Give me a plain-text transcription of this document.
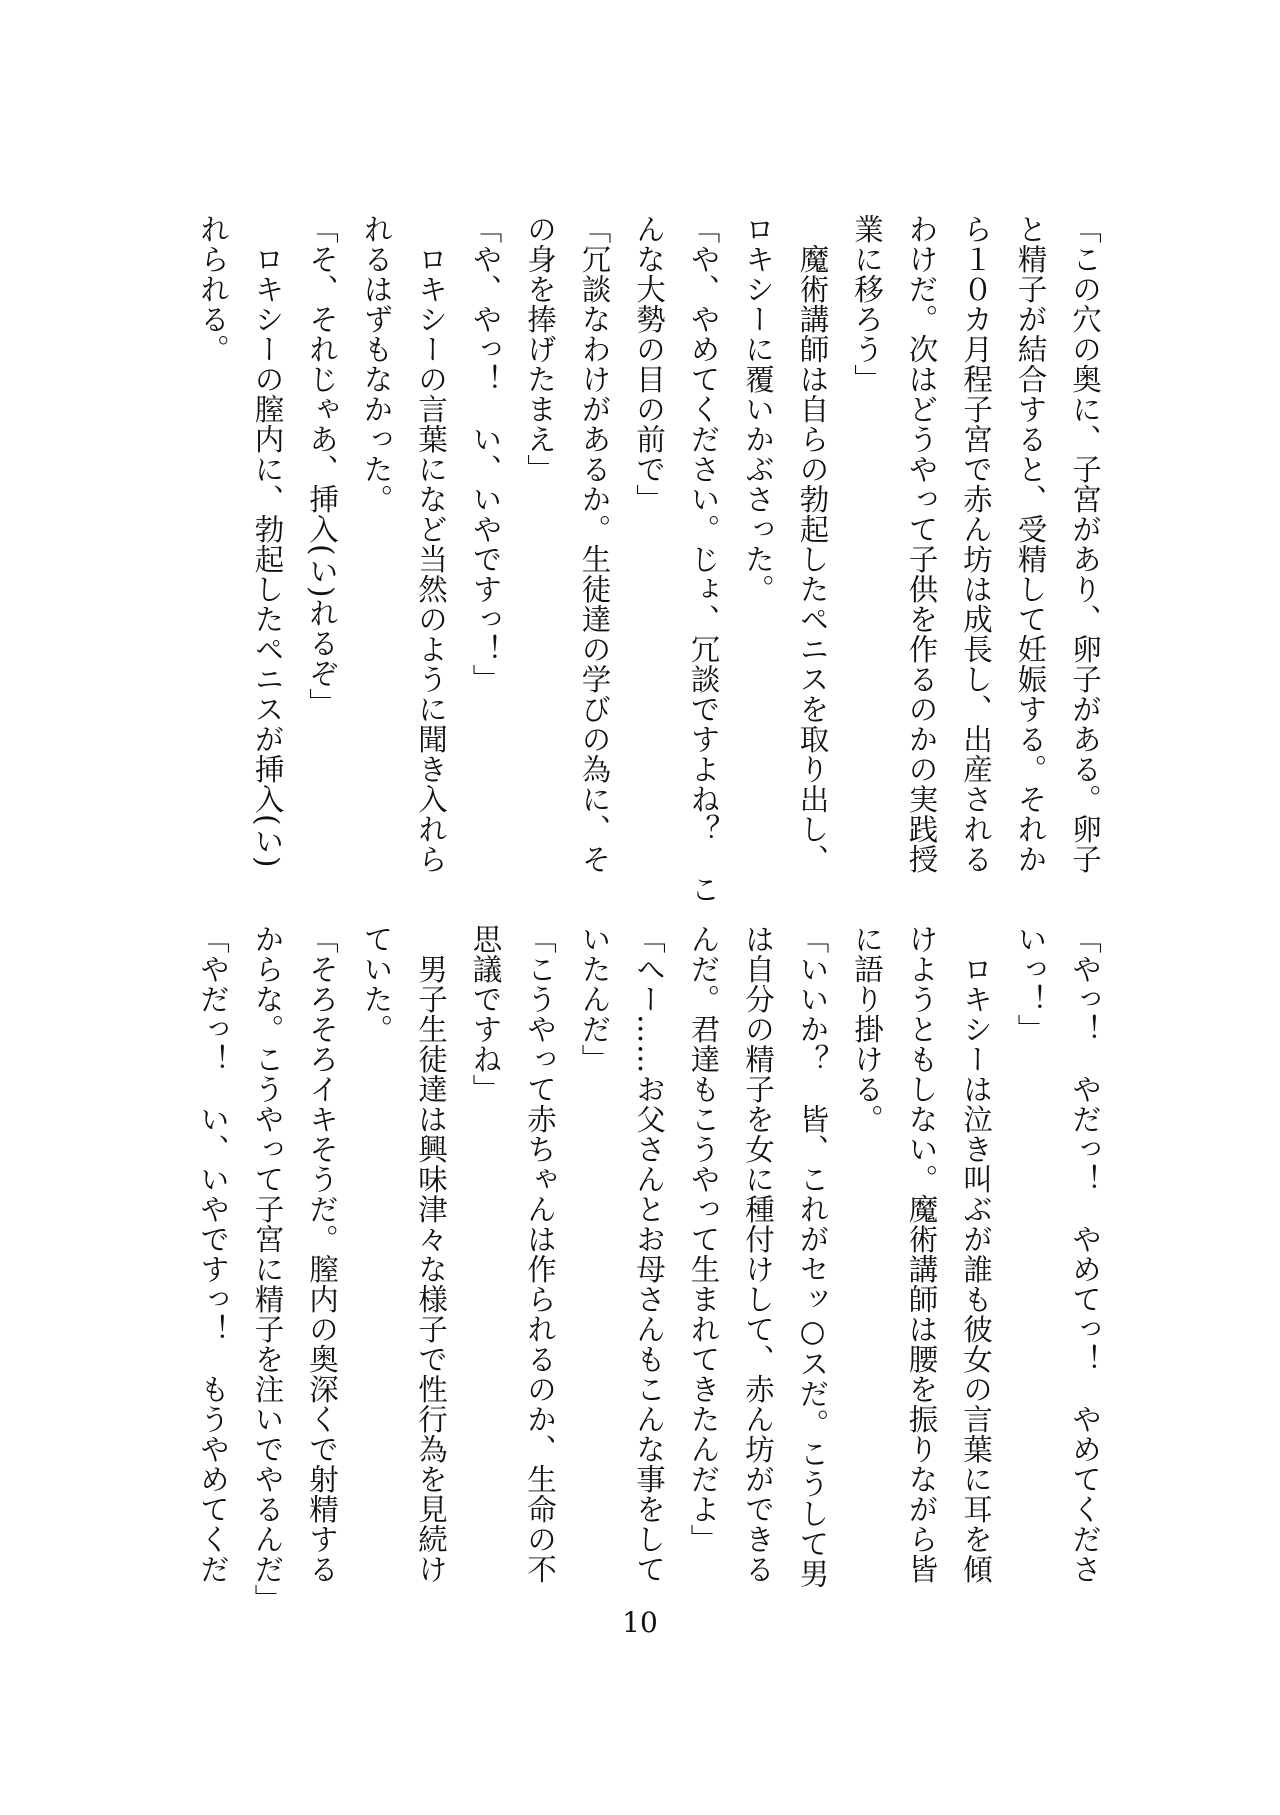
「この穴の奥に、子宮があり、卵子がある。卵子

と精子が結合すると、受精して妊娠する。それか

ら１０カ月程子宮で赤ん坊は成長し、出産される

わけだ。次はどうやって子供を作るのかの実践授

業に移ろう」

　魔術講師は自らの勃起したペニスを取り出し、

ロキシーに覆いかぶさった。

「や、やめてください。じょ、冗談ですよね？　こ

んな大勢の目の前で」

「冗談なわけがあるか。生徒達の学びの為に、そ

の身を捧げたまえ」

「や、やっ！　い、いやですっ！」

　ロキシーの言葉になど当然のように聞き入れら

れるはずもなかった。

「そ、それじゃあ、挿入(い)れるぞ」

　ロキシーの膣内に、勃起したペニスが挿入(い)

れられる。

「やっ！　やだっ！　やめてっ！　やめてくださ

いっ！」

　ロキシーは泣き叫ぶが誰も彼女の言葉に耳を傾

けようともしない。魔術講師は腰を振りながら皆

に語り掛ける。

「いいか？　皆、これがセッ○スだ。こうして男

は自分の精子を女に種付けして、赤ん坊ができる

んだ。君達もこうやって生まれてきたんだよ」

「へー……お父さんとお母さんもこんな事をして

いたんだ」

「こうやって赤ちゃんは作られるのか、生命の不

思議ですね」

　男子生徒達は興味津々な様子で性行為を見続け

ていた。

「そろそろイキそうだ。膣内の奥深くで射精する

からな。こうやって子宮に精子を注いでやるんだ」

「やだっ！　い、いやですっ！　もうやめてくだ

10
